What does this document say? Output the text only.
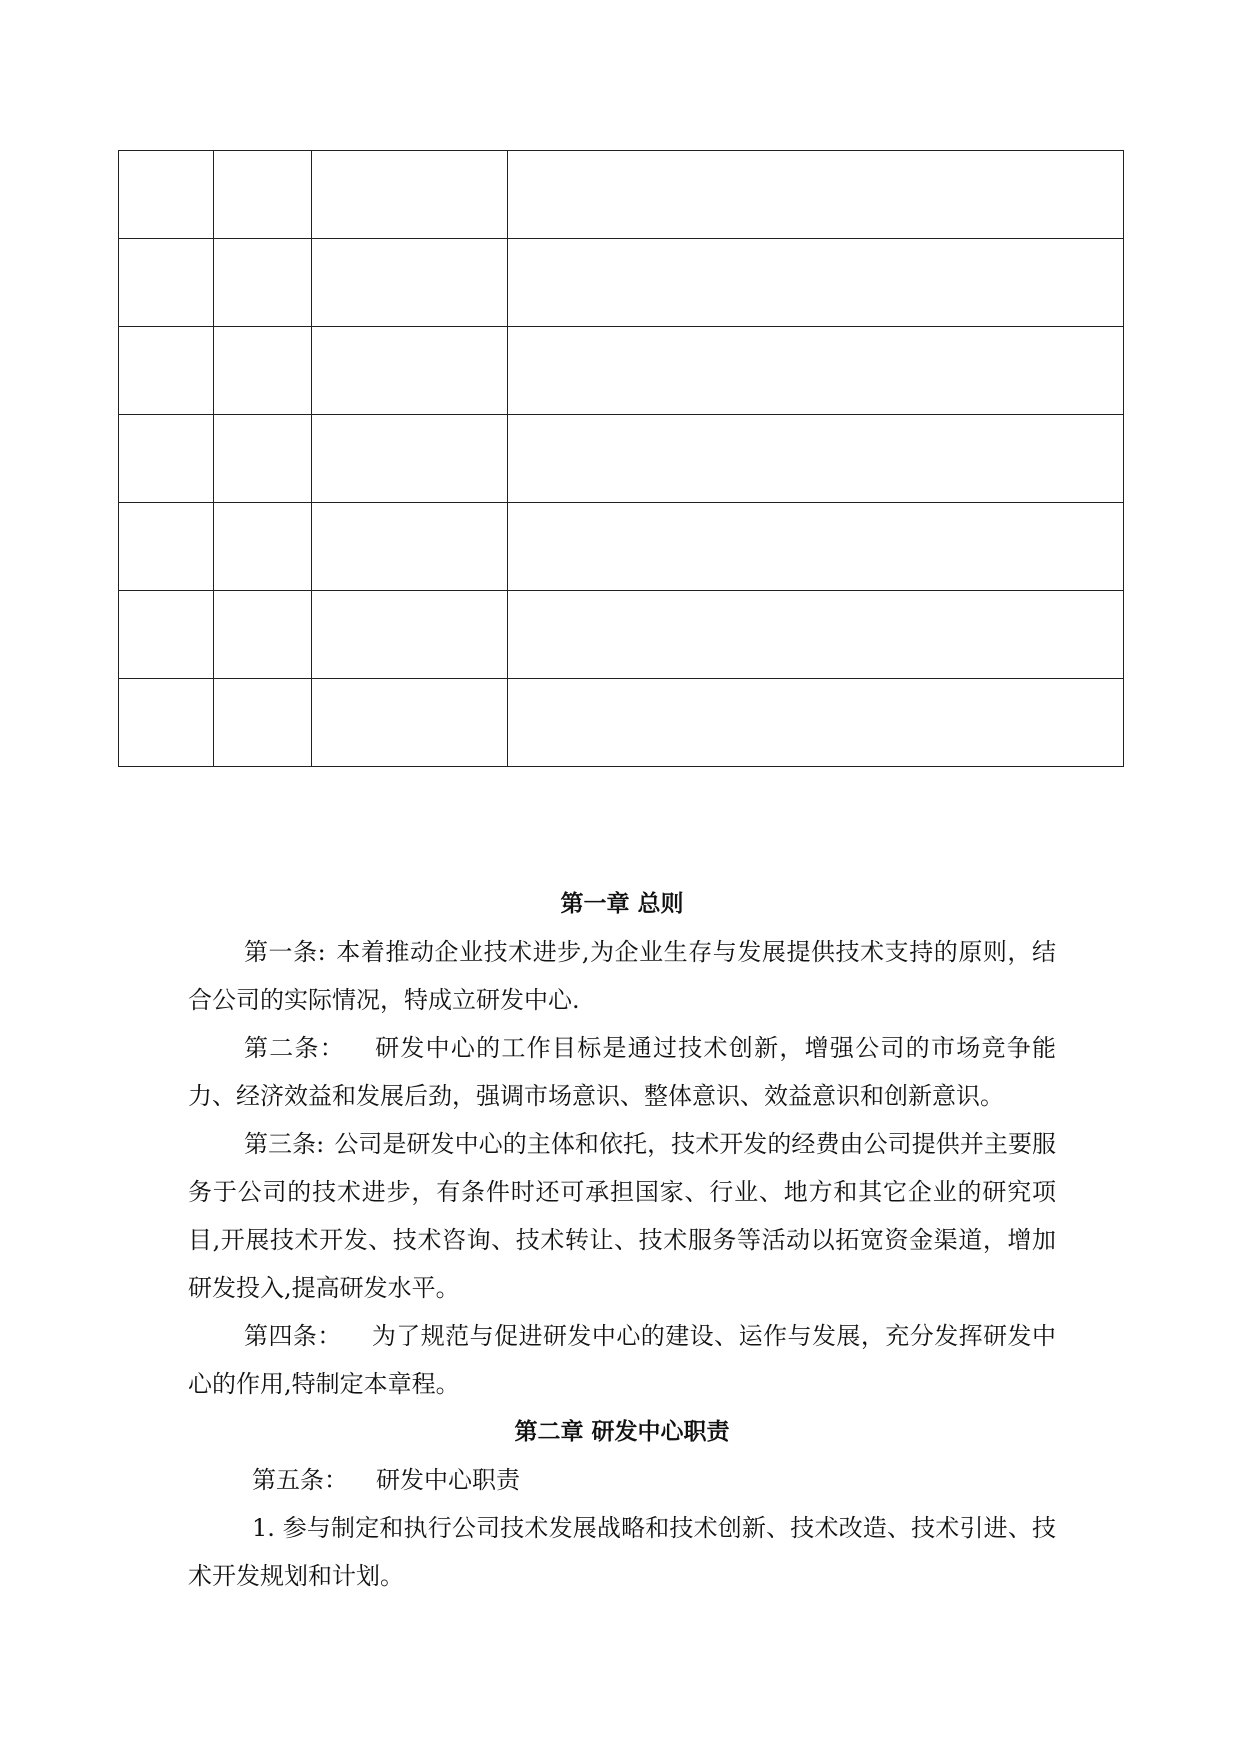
第一章 总则

第一条: 本着推动企业技术进步,为企业生存与发展提供技术支持的原则，结合公司的实际情况，特成立研发中心.

第二条： 研发中心的工作目标是通过技术创新，增强公司的市场竞争能力、经济效益和发展后劲，强调市场意识、整体意识、效益意识和创新意识。

第三条: 公司是研发中心的主体和依托，技术开发的经费由公司提供并主要服务于公司的技术进步，有条件时还可承担国家、行业、地方和其它企业的研究项目,开展技术开发、技术咨询、技术转让、技术服务等活动以拓宽资金渠道，增加研发投入,提高研发水平。

第四条： 为了规范与促进研发中心的建设、运作与发展，充分发挥研发中心的作用,特制定本章程。

第二章 研发中心职责

第五条： 研发中心职责

1. 参与制定和执行公司技术发展战略和技术创新、技术改造、技术引进、技术开发规划和计划。
